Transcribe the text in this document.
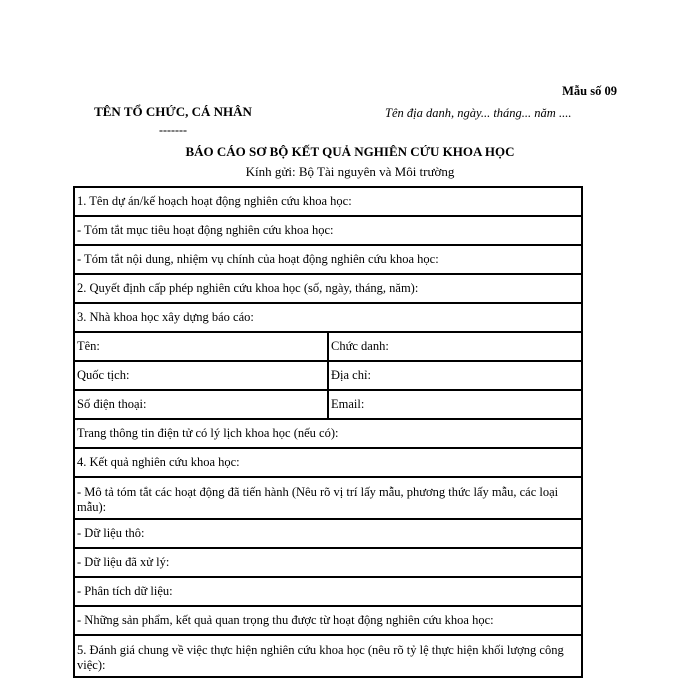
Mẫu số 09
TÊN TỔ CHỨC, CÁ NHÂN
-------
Tên địa danh, ngày... tháng... năm ....
BÁO CÁO SƠ BỘ KẾT QUẢ NGHIÊN CỨU KHOA HỌC
Kính gửi: Bộ Tài nguyên và Môi trường
1. Tên dự án/kế hoạch hoạt động nghiên cứu khoa học:	
- Tóm tắt mục tiêu hoạt động nghiên cứu khoa học:	
- Tóm tắt nội dung, nhiệm vụ chính của hoạt động nghiên cứu khoa học:	
2. Quyết định cấp phép nghiên cứu khoa học (số, ngày, tháng, năm):	
3. Nhà khoa học xây dựng báo cáo:	
Tên:	Chức danh:
Quốc tịch:	Địa chỉ:
Số điện thoại:	Email:
Trang thông tin điện tử có lý lịch khoa học (nếu có):	
4. Kết quả nghiên cứu khoa học:	
- Mô tả tóm tắt các hoạt động đã tiến hành (Nêu rõ vị trí lấy mẫu, phương thức lấy mẫu, các loại mẫu):	
- Dữ liệu thô:	
- Dữ liệu đã xử lý:	
- Phân tích dữ liệu:	
- Những sản phẩm, kết quả quan trọng thu được từ hoạt động nghiên cứu khoa học:	
5. Đánh giá chung về việc thực hiện nghiên cứu khoa học (nêu rõ tỷ lệ thực hiện khối lượng công việc):	
